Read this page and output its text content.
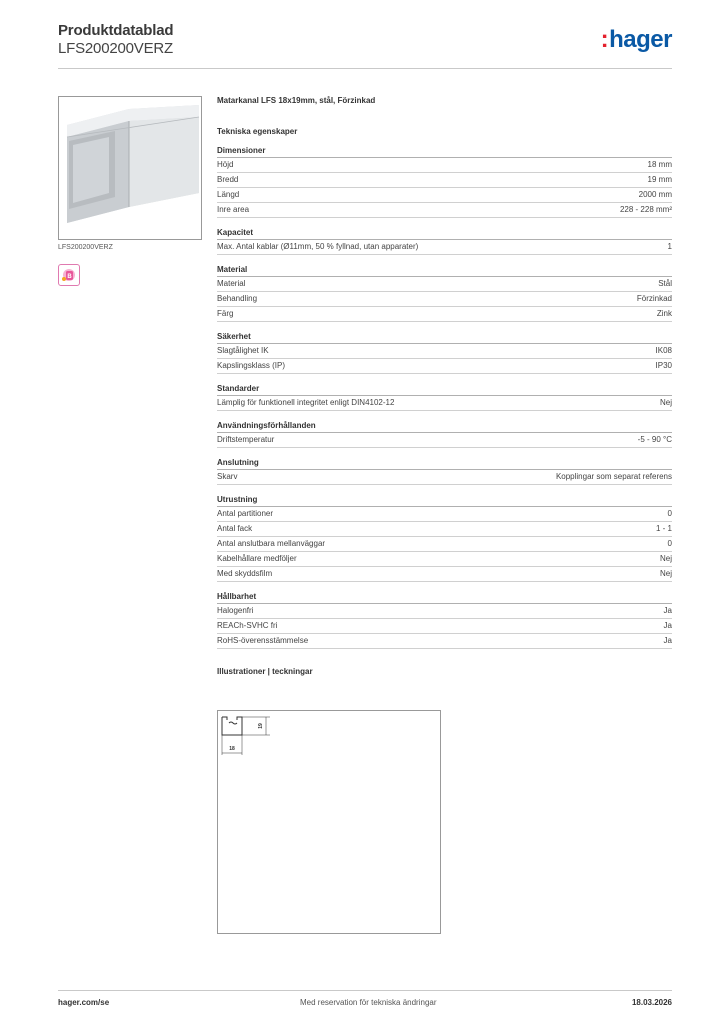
Produktdatablad
LFS200200VERZ	:hager
LFS200200VERZ
B
Matarkanal LFS 18x19mm, stål, Förzinkad
Tekniska egenskaper
Dimensioner
Höjd	18 mm
Bredd	19 mm
Längd	2000 mm
Inre area	228 - 228 mm²
Kapacitet
Max. Antal kablar (Ø11mm, 50 % fyllnad, utan apparater)	1
Material
Material	Stål
Behandling	Förzinkad
Färg	Zink
Säkerhet
Slagtålighet IK	IK08
Kapslingsklass (IP)	IP30
Standarder
Lämplig för funktionell integritet enligt DIN4102-12	Nej
Användningsförhållanden
Driftstemperatur	-5 - 90 °C
Anslutning
Skarv	Kopplingar som separat referens
Utrustning
Antal partitioner	0
Antal fack	1 - 1
Antal anslutbara mellanväggar	0
Kabelhållare medföljer	Nej
Med skyddsfilm	Nej
Hållbarhet
Halogenfri	Ja
REACh-SVHC fri	Ja
RoHS-överensstämmelse	Ja
Illustrationer | teckningar
19
18
hager.com/se	Med reservation för tekniska ändringar	18.03.2026
